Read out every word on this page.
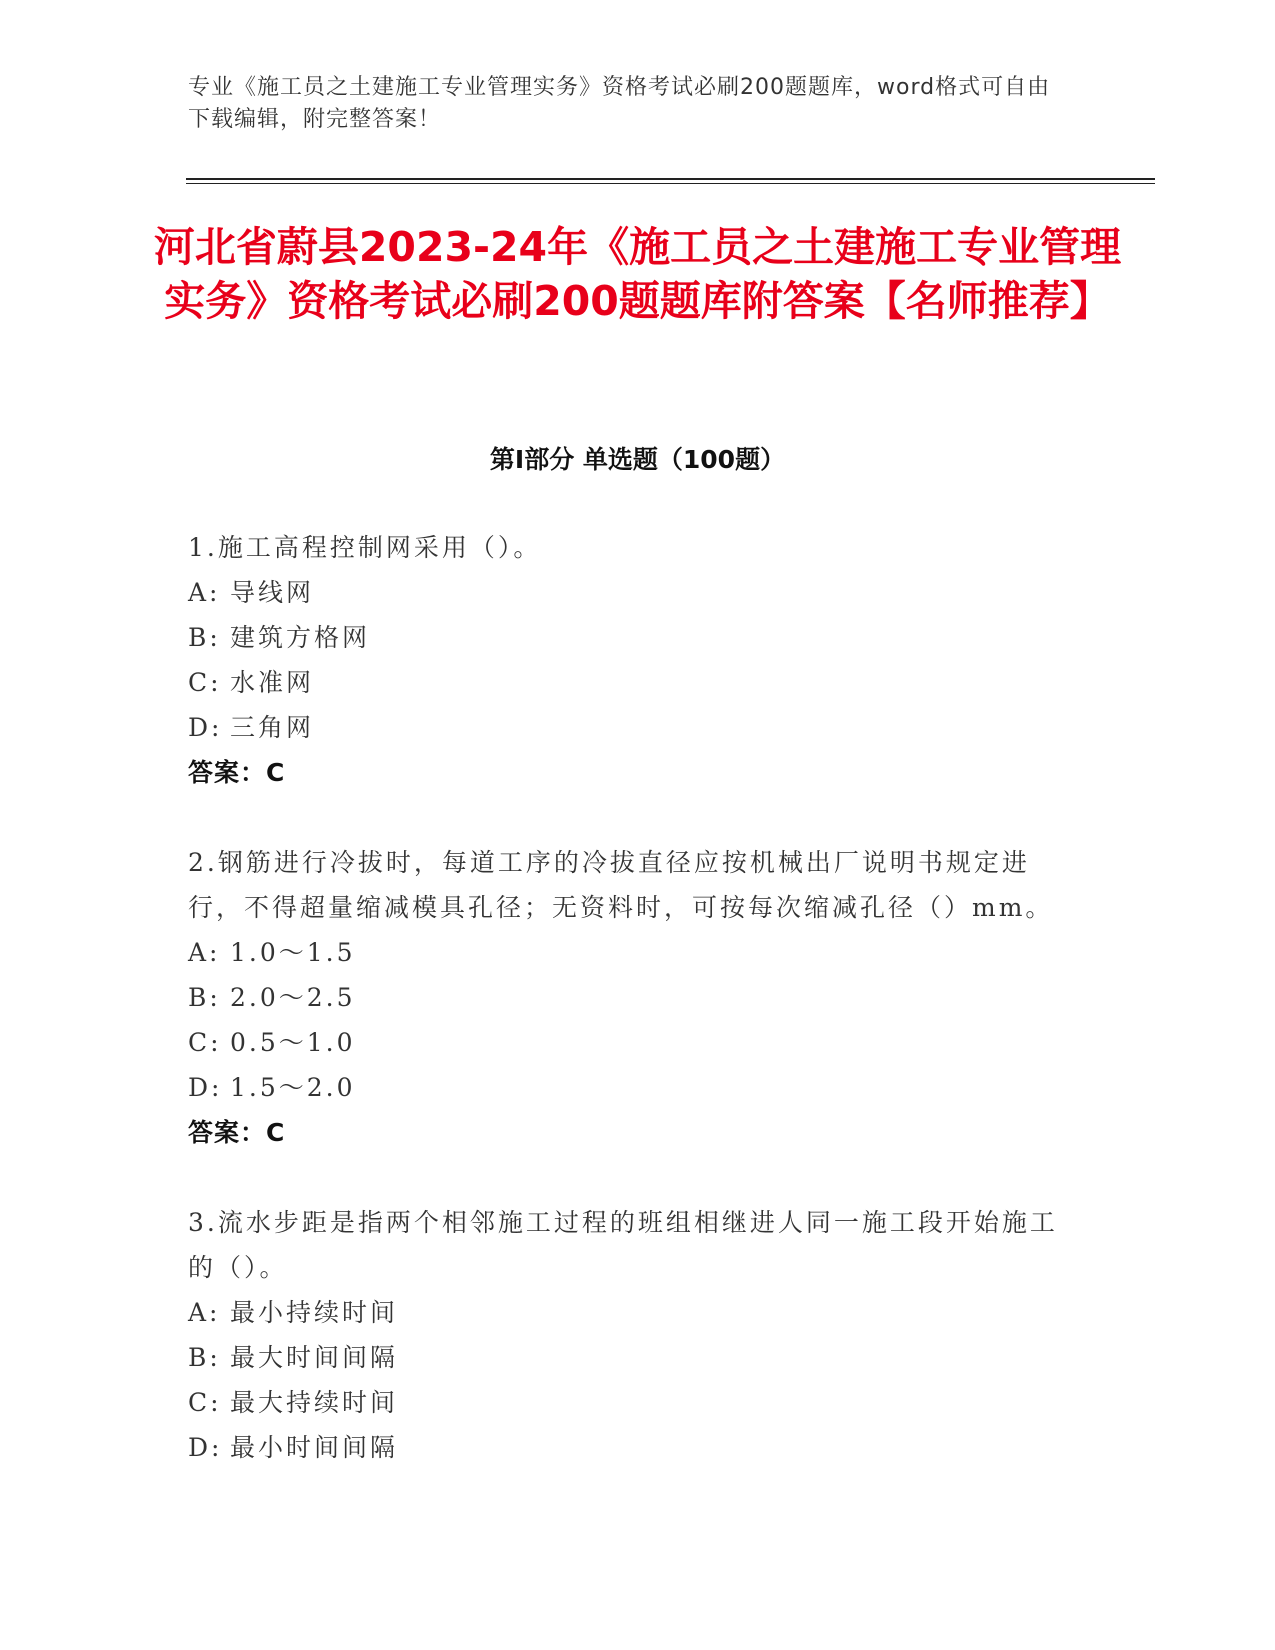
专业《施工员之土建施工专业管理实务》资格考试必刷200题题库，word格式可自由下载编辑，附完整答案！
河北省蔚县2023-24年《施工员之土建施工专业管理实务》资格考试必刷200题题库附答案【名师推荐】
第Ⅰ部分 单选题（100题）
1.施工高程控制网采用（）。
A: 导线网
B: 建筑方格网
C: 水准网
D: 三角网
答案：C
2.钢筋进行冷拔时，每道工序的冷拔直径应按机械出厂说明书规定进行，不得超量缩减模具孔径；无资料时，可按每次缩减孔径（）mm。
A: 1.0～1.5
B: 2.0～2.5
C: 0.5～1.0
D: 1.5～2.0
答案：C
3.流水步距是指两个相邻施工过程的班组相继进人同一施工段开始施工的（）。
A: 最小持续时间
B: 最大时间间隔
C: 最大持续时间
D: 最小时间间隔
